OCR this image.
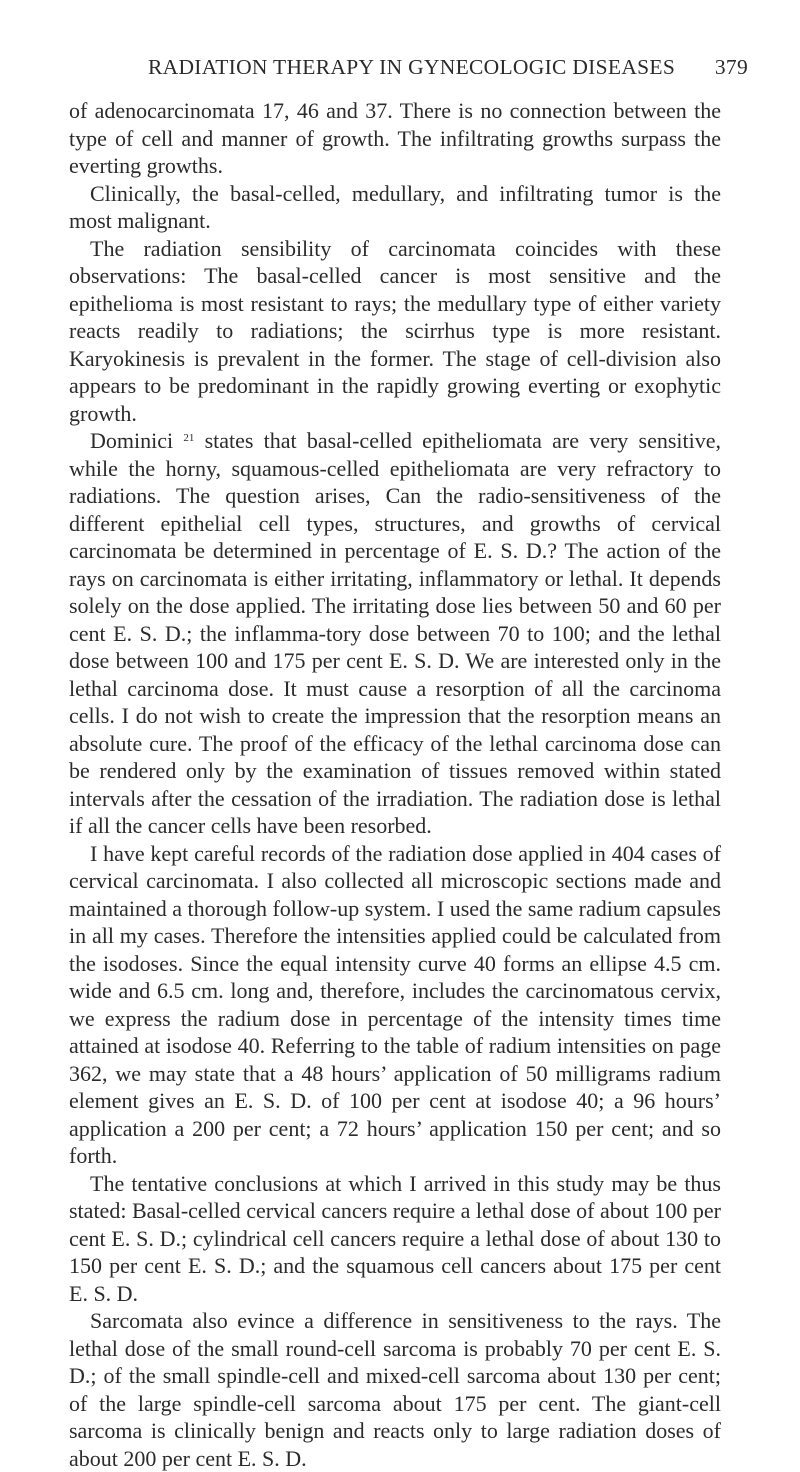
RADIATION THERAPY IN GYNECOLOGIC DISEASES 379

of adenocarcinomata 17, 46 and 37. There is no connection between the type of cell and manner of growth. The infiltrating growths surpass the everting growths.

Clinically, the basal-celled, medullary, and infiltrating tumor is the most malignant.

The radiation sensibility of carcinomata coincides with these observations: The basal-celled cancer is most sensitive and the epithelioma is most resistant to rays; the medullary type of either variety reacts readily to radiations; the scirrhus type is more resistant. Karyokinesis is prevalent in the former. The stage of cell-division also appears to be predominant in the rapidly growing everting or exophytic growth.

Dominici $^{21}$ states that basal-celled epitheliomata are very sensitive, while the horny, squamous-celled epitheliomata are very refractory to radiations. The question arises, Can the radio-sensitiveness of the different epithelial cell types, structures, and growths of cervical carcinomata be determined in percentage of E. S. D.? The action of the rays on carcinomata is either irritating, inflammatory or lethal. It depends solely on the dose applied. The irritating dose lies between 50 and 60 per cent E. S. D.; the inflamma-tory dose between 70 to 100; and the lethal dose between 100 and 175 per cent E. S. D. We are interested only in the lethal carcinoma dose. It must cause a resorption of all the carcinoma cells. I do not wish to create the impression that the resorption means an absolute cure. The proof of the efficacy of the lethal carcinoma dose can be rendered only by the examination of tissues removed within stated intervals after the cessation of the irradiation. The radiation dose is lethal if all the cancer cells have been resorbed.

I have kept careful records of the radiation dose applied in 404 cases of cervical carcinomata. I also collected all microscopic sections made and maintained a thorough follow-up system. I used the same radium capsules in all my cases. Therefore the intensities applied could be calculated from the isodoses. Since the equal intensity curve 40 forms an ellipse 4.5 cm. wide and 6.5 cm. long and, therefore, includes the carcinomatous cervix, we express the radium dose in percentage of the intensity times time attained at isodose 40. Referring to the table of radium intensities on page 362, we may state that a 48 hours’ application of 50 milligrams radium element gives an E. S. D. of 100 per cent at isodose 40; a 96 hours’ application a 200 per cent; a 72 hours’ application 150 per cent; and so forth.

The tentative conclusions at which I arrived in this study may be thus stated: Basal-celled cervical cancers require a lethal dose of about 100 per cent E. S. D.; cylindrical cell cancers require a lethal dose of about 130 to 150 per cent E. S. D.; and the squamous cell cancers about 175 per cent E. S. D.

Sarcomata also evince a difference in sensitiveness to the rays. The lethal dose of the small round-cell sarcoma is probably 70 per cent E. S. D.; of the small spindle-cell and mixed-cell sarcoma about 130 per cent; of the large spindle-cell sarcoma about 175 per cent. The giant-cell sarcoma is clinically benign and reacts only to large radiation doses of about 200 per cent E. S. D.
